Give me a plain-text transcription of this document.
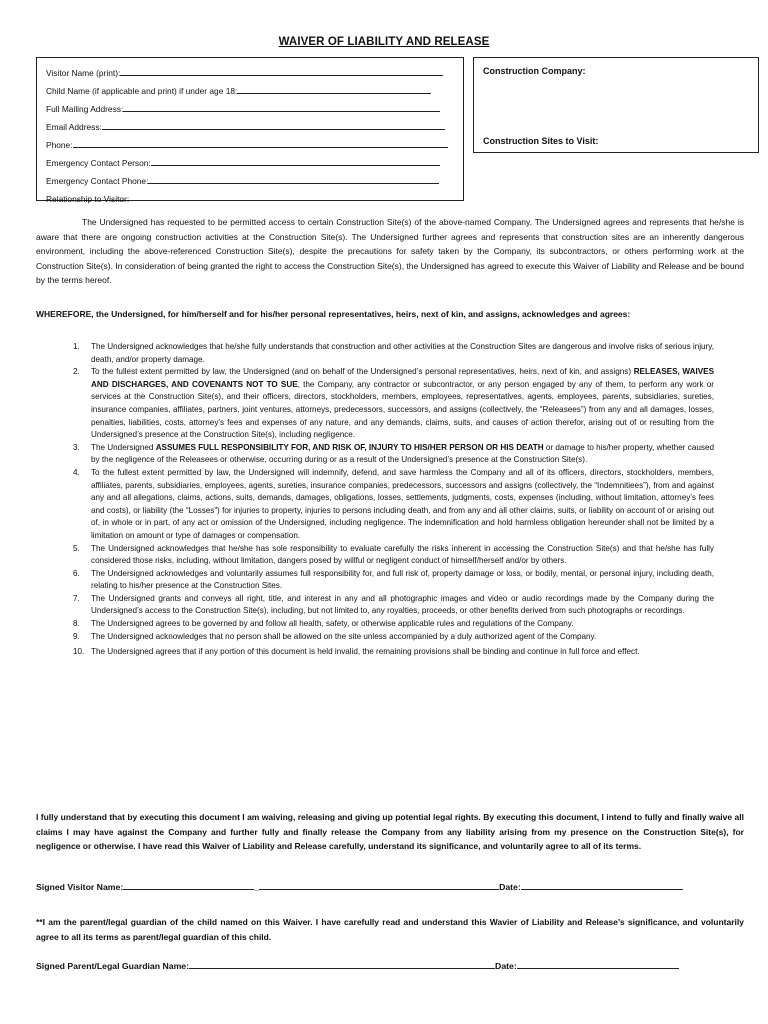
WAIVER OF LIABILITY AND RELEASE
Visitor Name (print):
Child Name (if applicable and print) if under age 18:
Full Mailing Address:
Email Address:
Phone:
Emergency Contact Person:
Emergency Contact Phone:
Relationship to Visitor:
Construction Company:
Construction Sites to Visit:
The Undersigned has requested to be permitted access to certain Construction Site(s) of the above-named Company. The Undersigned agrees and represents that he/she is aware that there are ongoing construction activities at the Construction Site(s). The Undersigned further agrees and represents that construction sites are an inherently dangerous environment, including the above-referenced Construction Site(s), despite the precautions for safety taken by the Company, its subcontractors, or others performing work at the Construction Site(s). In consideration of being granted the right to access the Construction Site(s), the Undersigned has agreed to execute this Waiver of Liability and Release and be bound by the terms hereof.
WHEREFORE, the Undersigned, for him/herself and for his/her personal representatives, heirs, next of kin, and assigns, acknowledges and agrees:
1. The Undersigned acknowledges that he/she fully understands that construction and other activities at the Construction Sites are dangerous and involve risks of serious injury, death, and/or property damage.
2. To the fullest extent permitted by law, the Undersigned (and on behalf of the Undersigned’s personal representatives, heirs, next of kin, and assigns) RELEASES, WAIVES AND DISCHARGES, AND COVENANTS NOT TO SUE, the Company, any contractor or subcontractor, or any person engaged by any of them, to perform any work or services at the Construction Site(s), and their officers, directors, stockholders, members, employees, representatives, agents, employees, parents, subsidiaries, sureties, insurance companies, affiliates, partners, joint ventures, attorneys, predecessors, successors, and assigns (collectively, the “Releasees”) from any and all damages, losses, penalties, liabilities, costs, attorney’s fees and expenses of any nature, and any demands, claims, suits, and causes of action therefor, arising out of or resulting from the Undersigned’s presence at the Construction Site(s), including negligence.
3. The Undersigned ASSUMES FULL RESPONSIBILITY FOR, AND RISK OF, INJURY TO HIS/HER PERSON OR HIS DEATH or damage to his/her property, whether caused by the negligence of the Releasees or otherwise, occurring during or as a result of the Undersigned’s presence at the Construction Site(s).
4. To the fullest extent permitted by law, the Undersigned will indemnify, defend, and save harmless the Company and all of its officers, directors, stockholders, members, affiliates, parents, subsidiaries, employees, agents, sureties, insurance companies, predecessors, successors and assigns (collectively, the “Indemnitiees”), from and against any and all allegations, claims, actions, suits, demands, damages, obligations, losses, settlements, judgments, costs, expenses (including, without limitation, attorney’s fees and costs), or liability (the “Losses”) for injuries to property, injuries to persons including death, and from any and all other claims, suits, or liability on account of or arising out of, in whole or in part, of any act or omission of the Undersigned, including negligence. The indemnification and hold harmless obligation hereunder shall not be limited by a limitation on amount or type of damages or compensation.
5. The Undersigned acknowledges that he/she has sole responsibility to evaluate carefully the risks inherent in accessing the Construction Site(s) and that he/she has fully considered those risks, including, without limitation, dangers posed by willful or negligent conduct of himself/herself and/or by others.
6. The Undersigned acknowledges and voluntarily assumes full responsibility for, and full risk of, property damage or loss, or bodily, mental, or personal injury, including death, relating to his/her presence at the Construction Sites.
7. The Undersigned grants and conveys all right, title, and interest in any and all photographic images and video or audio recordings made by the Company during the Undersigned’s access to the Construction Site(s), including, but not limited to, any royalties, proceeds, or other benefits derived from such photographs or recordings.
8. The Undersigned agrees to be governed by and follow all health, safety, or otherwise applicable rules and regulations of the Company.
9. The Undersigned acknowledges that no person shall be allowed on the site unless accompanied by a duly authorized agent of the Company.
10. The Undersigned agrees that if any portion of this document is held invalid, the remaining provisions shall be binding and continue in full force and effect.
I fully understand that by executing this document I am waiving, releasing and giving up potential legal rights. By executing this document, I intend to fully and finally waive all claims I may have against the Company and further fully and finally release the Company from any liability arising from my presence on the Construction Site(s), for negligence or otherwise. I have read this Waiver of Liability and Release carefully, understand its significance, and voluntarily agree to all of its terms.
Signed Visitor Name:	_	Date:
**I am the parent/legal guardian of the child named on this Waiver. I have carefully read and understand this Wavier of Liability and Release’s significance, and voluntarily agree to all its terms as parent/legal guardian of this child.
Signed Parent/Legal Guardian Name:	Date:
